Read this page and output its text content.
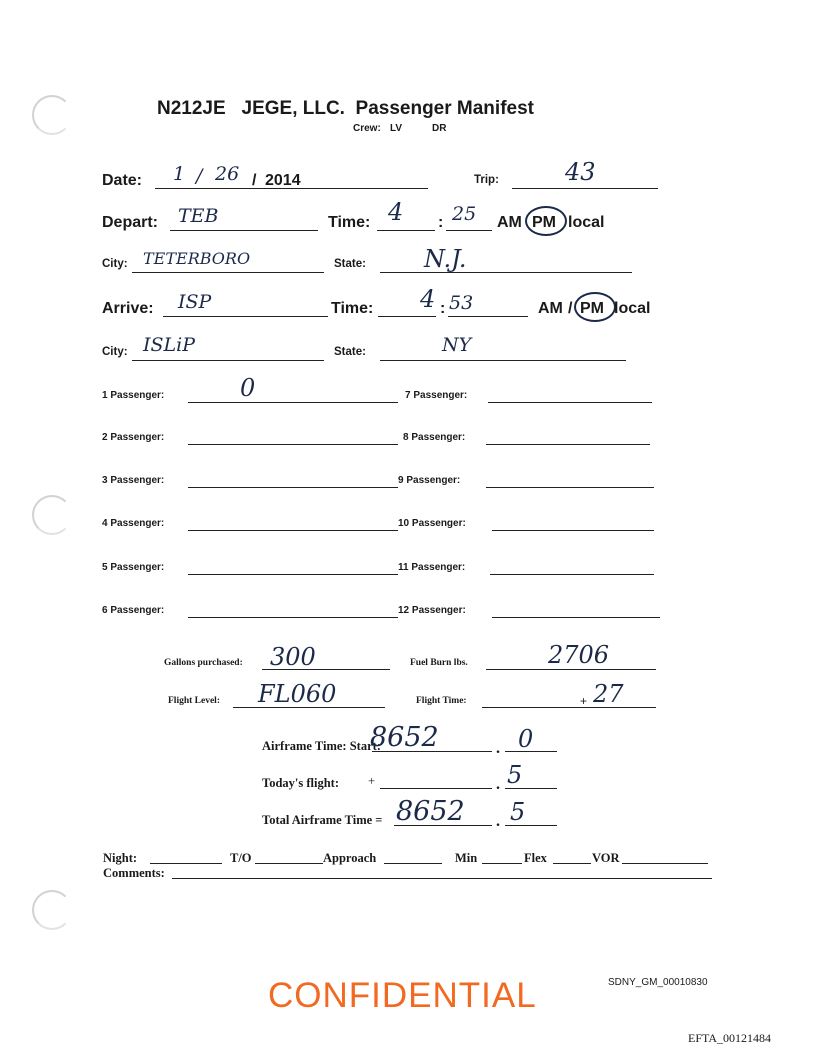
N212JE   JEGE, LLC.  Passenger Manifest
Crew: LV	DR
Date: 1 / 26 / 2014	Trip:	43
Depart: TEB	Time: 4 : 25 AM PM local
City: TETERBORO	State: N.J.
Arrive: ISP	Time: 4 : 53	AM / PM local
City: ISLiP	State:	NY
1 Passenger:	0	7 Passenger:
2 Passenger:	8 Passenger:
3 Passenger:	9 Passenger:
4 Passenger:	10 Passenger:
5 Passenger:	11 Passenger:
6 Passenger:	12 Passenger:
Gallons purchased: 300	Fuel Burn lbs.	2706
Flight Level: FL060	Flight Time:	+ 27
Airframe Time: Start:
8652	. 0
Today's flight: +	. 5
Total Airframe Time = 8652 . 5
Night:	T/O	Approach	Min	Flex	VOR
Comments:
CONFIDENTIAL	SDNY_GM_00010830
EFTA_00121484
